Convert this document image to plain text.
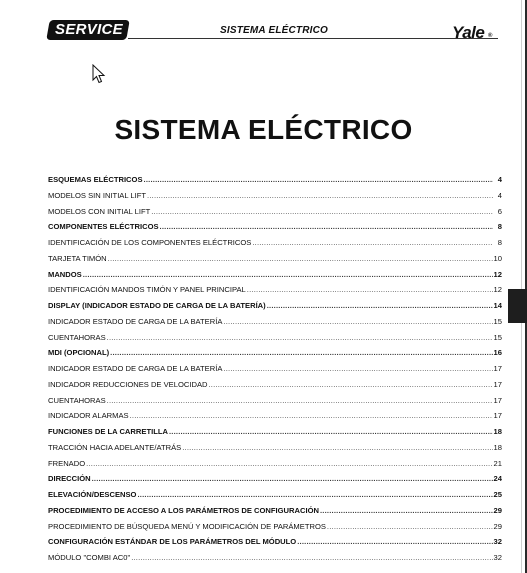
SERVICE	SISTEMA ELÉCTRICO	Yale ®
SISTEMA ELÉCTRICO
ESQUEMAS ELÉCTRICOS .....	4
MODELOS SIN INITIAL LIFT .....	4
MODELOS CON INITIAL LIFT .....	6
COMPONENTES ELÉCTRICOS .....	8
IDENTIFICACIÓN DE LOS COMPONENTES ELÉCTRICOS .....	8
TARJETA TIMÓN .....	10
MANDOS .....	12
IDENTIFICACIÓN MANDOS TIMÓN Y PANEL PRINCIPAL .....	12
DISPLAY (INDICADOR ESTADO DE CARGA DE LA BATERÍA) .....	14
INDICADOR ESTADO DE CARGA DE LA BATERÍA .....	15
CUENTAHORAS .....	15
MDI (OPCIONAL) .....	16
INDICADOR ESTADO DE CARGA DE LA BATERÍA .....	17
INDICADOR REDUCCIONES DE VELOCIDAD .....	17
CUENTAHORAS .....	17
INDICADOR ALARMAS .....	17
FUNCIONES DE LA CARRETILLA .....	18
TRACCIÓN HACIA ADELANTE/ATRÁS .....	18
FRENADO .....	21
DIRECCIÓN .....	24
ELEVACIÓN/DESCENSO .....	25
PROCEDIMIENTO DE ACCESO A LOS PARÁMETROS DE CONFIGURACIÓN .....	29
PROCEDIMIENTO DE BÚSQUEDA MENÚ Y MODIFICACIÓN DE PARÁMETROS .....	29
CONFIGURACIÓN ESTÁNDAR DE LOS PARÁMETROS DEL MÓDULO .....	32
MÓDULO "COMBI AC0" .....	32
